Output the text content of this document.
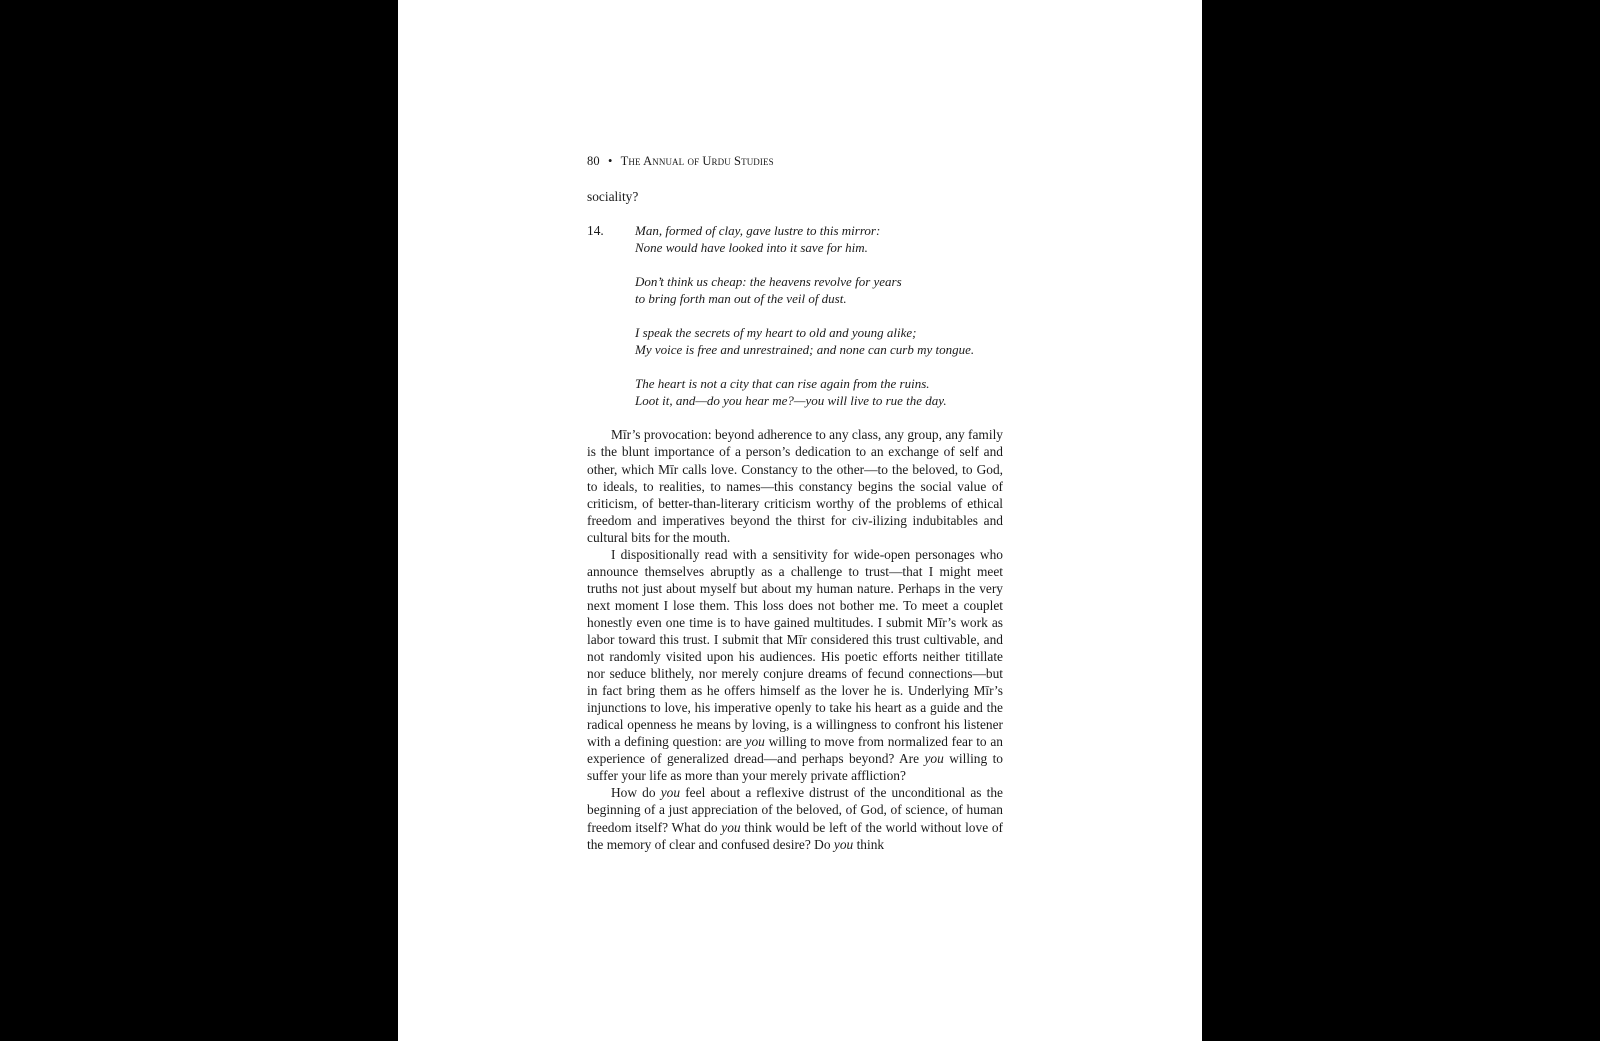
80 • The Annual of Urdu Studies
sociality?
14. Man, formed of clay, gave lustre to this mirror:
None would have looked into it save for him.
Don’t think us cheap: the heavens revolve for years
to bring forth man out of the veil of dust.
I speak the secrets of my heart to old and young alike;
My voice is free and unrestrained; and none can curb my tongue.
The heart is not a city that can rise again from the ruins.
Loot it, and—do you hear me?—you will live to rue the day.

Mīr’s provocation: beyond adherence to any class, any group, any family is the blunt importance of a person’s dedication to an exchange of self and other, which Mīr calls love. Constancy to the other—to the beloved, to God, to ideals, to realities, to names—this constancy begins the social value of criticism, of better-than-literary criticism worthy of the problems of ethical freedom and imperatives beyond the thirst for civ-ilizing indubitables and cultural bits for the mouth.

I dispositionally read with a sensitivity for wide-open personages who announce themselves abruptly as a challenge to trust—that I might meet truths not just about myself but about my human nature. Perhaps in the very next moment I lose them. This loss does not bother me. To meet a couplet honestly even one time is to have gained multitudes. I submit Mīr’s work as labor toward this trust. I submit that Mīr considered this trust cultivable, and not randomly visited upon his audiences. His poetic efforts neither titillate nor seduce blithely, nor merely conjure dreams of fecund connections—but in fact bring them as he offers himself as the lover he is. Underlying Mīr’s injunctions to love, his imperative openly to take his heart as a guide and the radical openness he means by loving, is a willingness to confront his listener with a defining question: are you willing to move from normalized fear to an experience of generalized dread—and perhaps beyond? Are you willing to suffer your life as more than your merely private affliction?

How do you feel about a reflexive distrust of the unconditional as the beginning of a just appreciation of the beloved, of God, of science, of human freedom itself? What do you think would be left of the world without love of the memory of clear and confused desire? Do you think
